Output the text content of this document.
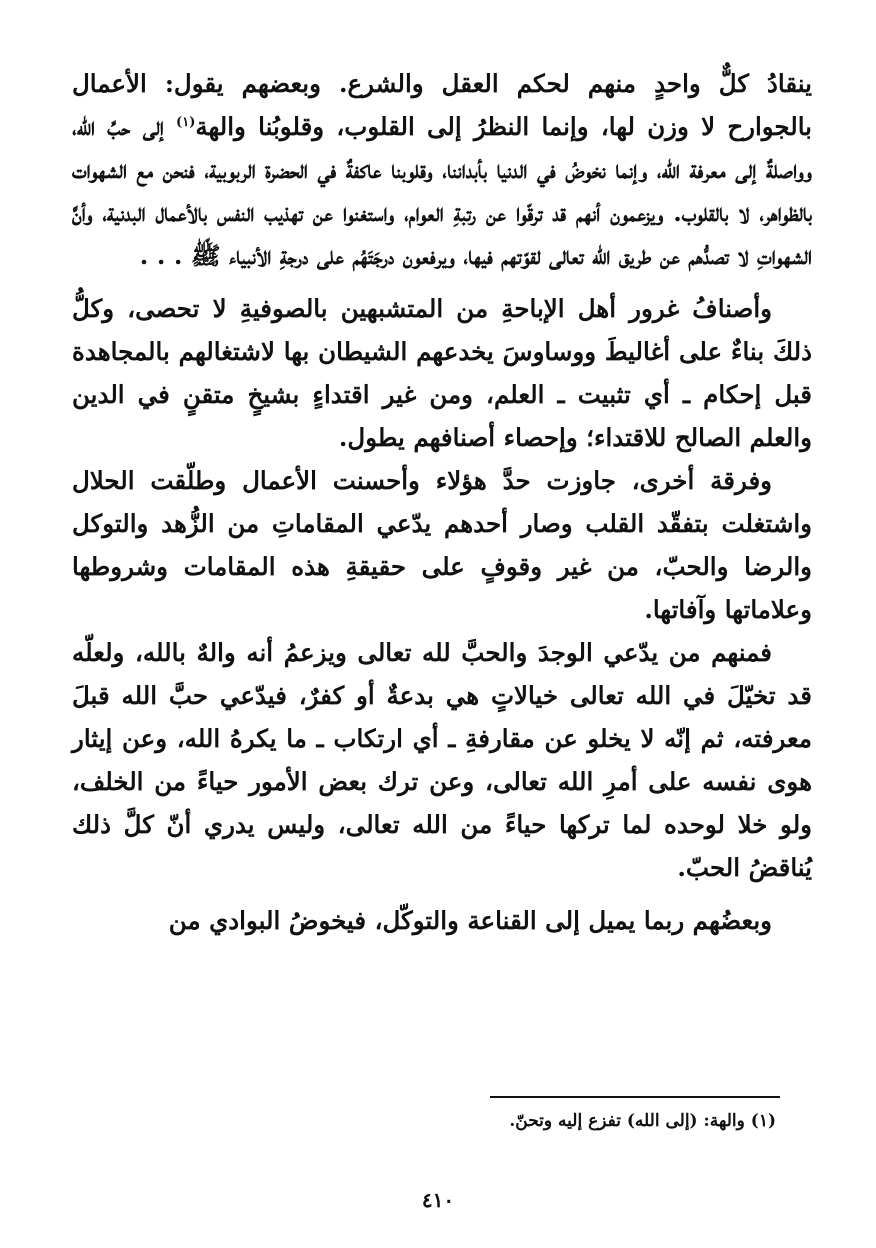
ينقادُ كلٌّ واحدٍ منهم لحكم العقل والشرع. وبعضهم يقول: الأعمال بالجوارح لا وزن لها، وإنما النظرُ إلى القلوب، وقلوبُنا والهة$^{(١)}$ إلى حبِّ الله، وواصلةٌ إلى معرفة الله، وإنما نخوضُ في الدنيا بأبداننا، وقلوبنا عاكفةٌ في الحضرة الربوبية، فنحن مع الشهوات بالظواهر، لا بالقلوب. ويزعمون أنهم قد ترقّوا عن رتبةِ العوام، واستغنوا عن تهذيب النفس بالأعمال البدنية، وأنَّ الشهواتِ لا تصدُّهم عن طريق الله تعالى لقوّتهم فيها، ويرفعون درجَتَهُم على درجةِ الأنبياء ﷺ . . .

وأصنافُ غرور أهل الإباحةِ من المتشبهين بالصوفيةِ لا تحصى، وكلُّ ذلكَ بناءٌ على أغاليطَ ووساوسَ يخدعهم الشيطان بها لاشتغالهم بالمجاهدة قبل إحكام ـ أي تثبيت ـ العلم، ومن غير اقتداءٍ بشيخٍ متقنٍ في الدين والعلم الصالح للاقتداء؛ وإحصاء أصنافهم يطول.

وفرقة أخرى، جاوزت حدَّ هؤلاء وأحسنت الأعمال وطلّقت الحلال واشتغلت بتفقّد القلب وصار أحدهم يدّعي المقاماتِ من الزُّهد والتوكل والرضا والحبّ، من غير وقوفٍ على حقيقةِ هذه المقامات وشروطها وعلاماتها وآفاتها.

فمنهم من يدّعي الوجدَ والحبَّ لله تعالى ويزعمُ أنه والهٌ بالله، ولعلّه قد تخيّلَ في الله تعالى خيالاتٍ هي بدعةٌ أو كفرٌ، فيدّعي حبَّ الله قبلَ معرفته، ثم إنّه لا يخلو عن مقارفةِ ـ أي ارتكاب ـ ما يكرهُ الله، وعن إيثار هوى نفسه على أمرِ الله تعالى، وعن ترك بعض الأمور حياءً من الخلف، ولو خلا لوحده لما تركها حياءً من الله تعالى، وليس يدري أنّ كلَّ ذلك يُناقضُ الحبّ.

وبعضُهم ربما يميل إلى القناعة والتوكّل، فيخوضُ البوادي من

(١) والهة: (إلى الله) تفزع إليه وتحنّ.
٤١٠
